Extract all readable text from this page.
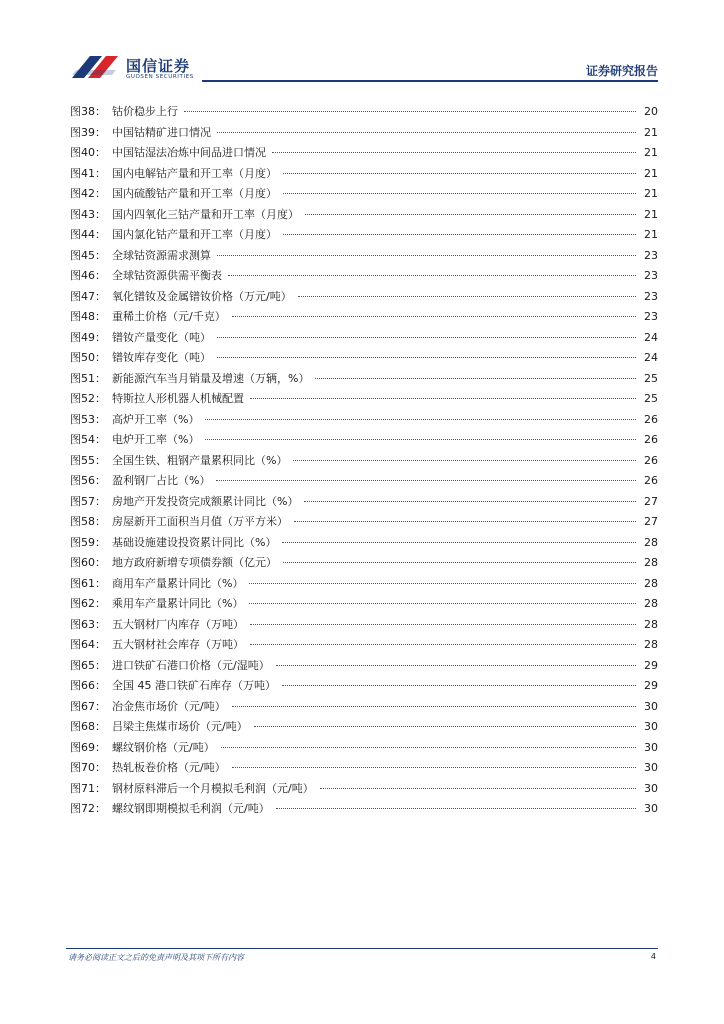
国信证券
GUOSEN SECURITIES	证券研究报告
图38： 钴价稳步上行	20
图39： 中国钴精矿进口情况	21
图40： 中国钴湿法冶炼中间品进口情况	21
图41： 国内电解钴产量和开工率（月度）	21
图42： 国内硫酸钴产量和开工率（月度）	21
图43： 国内四氧化三钴产量和开工率（月度）	21
图44： 国内氯化钴产量和开工率（月度）	21
图45： 全球钴资源需求测算	23
图46： 全球钴资源供需平衡表	23
图47： 氧化镨钕及金属镨钕价格（万元/吨）	23
图48： 重稀土价格（元/千克）	23
图49： 镨钕产量变化（吨）	24
图50： 镨钕库存变化（吨）	24
图51： 新能源汽车当月销量及增速（万辆，%）	25
图52： 特斯拉人形机器人机械配置	25
图53： 高炉开工率（%）	26
图54： 电炉开工率（%）	26
图55： 全国生铁、粗钢产量累积同比（%）	26
图56： 盈利钢厂占比（%）	26
图57： 房地产开发投资完成额累计同比（%）	27
图58： 房屋新开工面积当月值（万平方米）	27
图59： 基础设施建设投资累计同比（%）	28
图60： 地方政府新增专项债券额（亿元）	28
图61： 商用车产量累计同比（%）	28
图62： 乘用车产量累计同比（%）	28
图63： 五大钢材厂内库存（万吨）	28
图64： 五大钢材社会库存（万吨）	28
图65： 进口铁矿石港口价格（元/湿吨）	29
图66： 全国 45 港口铁矿石库存（万吨）	29
图67： 冶金焦市场价（元/吨）	30
图68： 吕梁主焦煤市场价（元/吨）	30
图69： 螺纹钢价格（元/吨）	30
图70： 热轧板卷价格（元/吨）	30
图71： 钢材原料滞后一个月模拟毛利润（元/吨）	30
图72： 螺纹钢即期模拟毛利润（元/吨）	30
请务必阅读正文之后的免责声明及其项下所有内容	4
